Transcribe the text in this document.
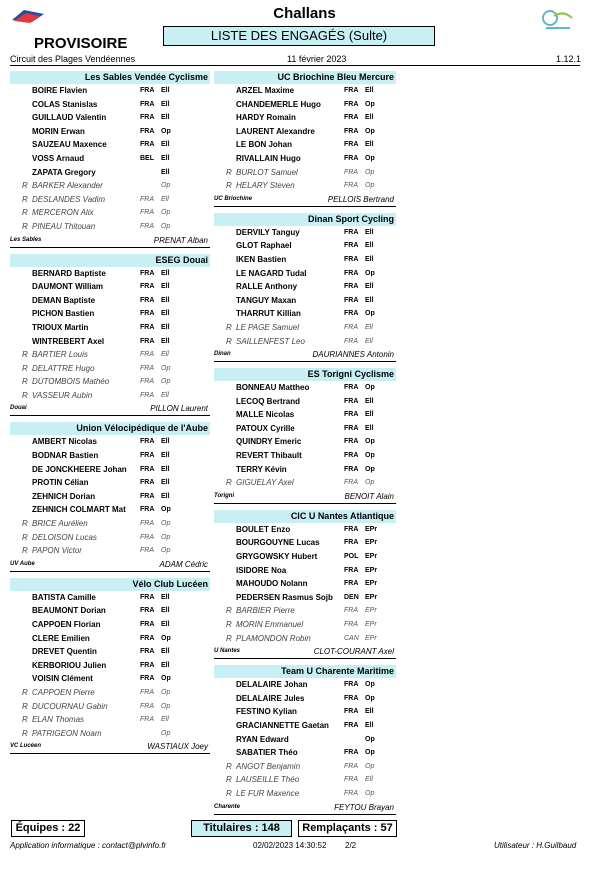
Challans
PROVISOIRE	LISTE DES ENGAGÉS (Sulte)
Circuit des Plages Vendéennes	11 février 2023	1.12.1
Les Sables Vendée Cyclisme
BOIRE Flavien	FRA Ell
COLAS Stanislas	FRA Ell
GUILLAUD Valentin	FRA Ell
MORIN Erwan	FRA Op
SAUZEAU Maxence	FRA Ell
VOSS Arnaud	BEL Ell
ZAPATA Gregory	Ell
R BARKER Alexander	Op
R DESLANDES Vadim	FRA Ell
R MERCERON Alix	FRA Op
R PINEAU Thitouan	FRA Op
Les Sables	PRENAT Alban
ESEG Douai
BERNARD Baptiste	FRA Ell
DAUMONT William	FRA Ell
DEMAN Baptiste	FRA Ell
PICHON Bastien	FRA Ell
TRIOUX Martin	FRA Ell
WINTREBERT Axel	FRA Ell
R BARTIER Louis	FRA Ell
R DELATTRE Hugo	FRA Op
R DUTOMBOIS Mathéo	FRA Op
R VASSEUR Aubin	FRA Ell
Douai	PILLON Laurent
Union Vélocipédique de l'Aube
AMBERT Nicolas	FRA Ell
BODNAR Bastien	FRA Ell
DE JONCKHEERE Johan	FRA Ell
PROTIN Célian	FRA Ell
ZEHNICH Dorian	FRA Ell
ZEHNICH COLMART Mat	FRA Op
R BRICE Aurélien	FRA Op
R DELOISON Lucas	FRA Op
R PAPON Victor	FRA Op
UV Aube	ADAM Cédric
Vélo Club Lucéen
BATISTA Camille	FRA Ell
BEAUMONT Dorian	FRA Ell
CAPPOEN Florian	FRA Ell
CLERE Emilien	FRA Op
DREVET Quentin	FRA Ell
KERBORIOU Julien	FRA Ell
VOISIN Clément	FRA Op
R CAPPOEN Pierre	FRA Op
R DUCOURNAU Gabin	FRA Op
R ELAN Thomas	FRA Ell
R PATRIGEON Noam	Op
VC Lucéen	WASTIAUX Joey
UC Briochine Bleu Mercure
ARZEL Maxime	FRA Ell
CHANDEMERLE Hugo	FRA Op
HARDY Romain	FRA Ell
LAURENT Alexandre	FRA Op
LE BON Johan	FRA Ell
RIVALLAIN Hugo	FRA Op
R BURLOT Samuel	FRA Op
R HELARY Steven	FRA Op
UC Briochine	PELLOIS Bertrand
Dinan Sport Cycling
DERVILY Tanguy	FRA Ell
GLOT Raphael	FRA Ell
IKEN Bastien	FRA Ell
LE NAGARD Tudal	FRA Op
RALLE Anthony	FRA Ell
TANGUY Maxan	FRA Ell
THARRUT Killian	FRA Op
R LE PAGE Samuel	FRA Ell
R SAILLENFEST Leo	FRA Ell
Dinan	DAURIANNES Antonin
ES Torigni Cyclisme
BONNEAU Mattheo	FRA Op
LECOQ Bertrand	FRA Ell
MALLE Nicolas	FRA Ell
PATOUX Cyrille	FRA Ell
QUINDRY Emeric	FRA Op
REVERT Thibault	FRA Op
TERRY Kévin	FRA Op
R GIGUELAY Axel	FRA Op
Torigni	BENOIT Alain
CIC U Nantes Atlantique
BOULET Enzo	FRA EPr
BOURGOUYNE Lucas	FRA EPr
GRYGOWSKY Hubert	POL EPr
ISIDORE Noa	FRA EPr
MAHOUDO Nolann	FRA EPr
PEDERSEN Rasmus Sojb	DEN EPr
R BARBIER Pierre	FRA EPr
R MORIN Emmanuel	FRA EPr
R PLAMONDON Robin	CAN EPr
U Nantes	CLOT-COURANT Axel
Team U Charente Maritime
DELALAIRE Johan	FRA Op
DELALAIRE Jules	FRA Op
FESTINO Kylian	FRA Ell
GRACIANNETTE Gaetan	FRA Ell
RYAN Edward	Op
SABATIER Théo	FRA Op
R ANGOT Benjamin	FRA Op
R LAUSEILLE Théo	FRA Ell
R LE FUR Maxence	FRA Op
Charente	FEYTOU Brayan
Équipes : 22	Titulaires : 148	Remplaçants : 57
Application informatique : contact@plvinfo.fr	02/02/2023 14:30:52 2/2	Utilisateur : H.Guilbaud
